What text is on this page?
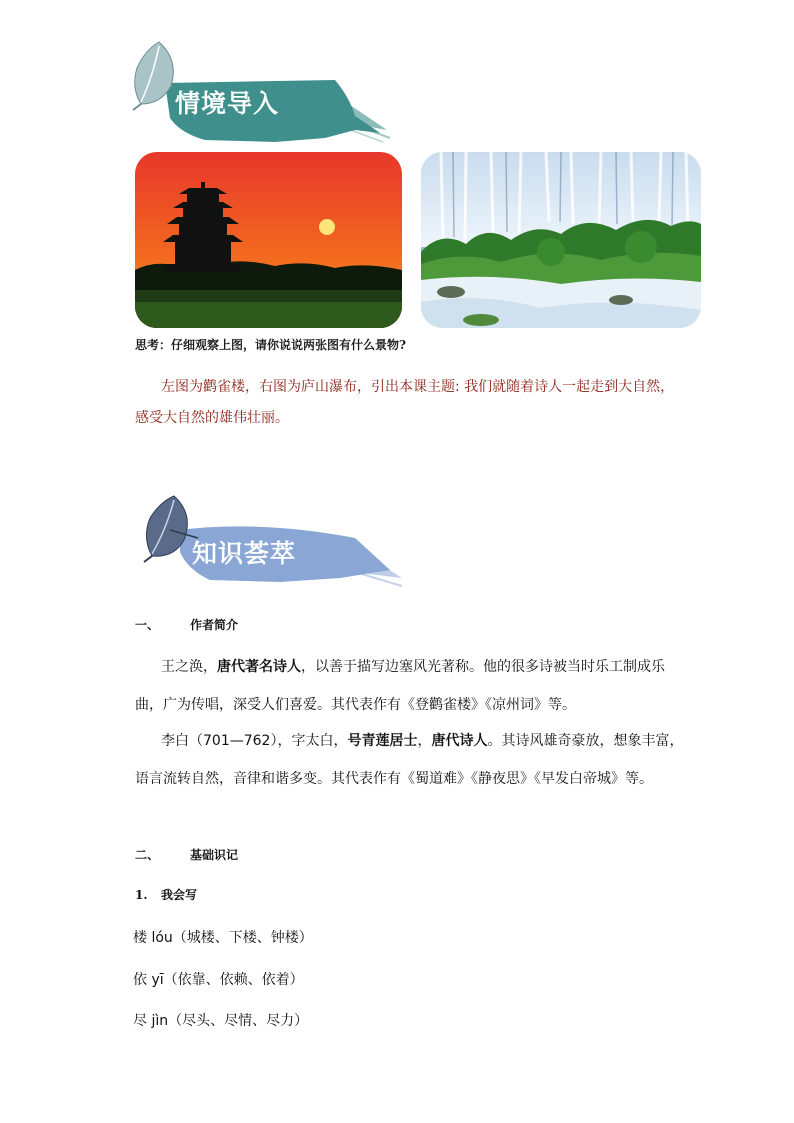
情境导入
思考：仔细观察上图，请你说说两张图有什么景物?
左图为鹳雀楼，右图为庐山瀑布，引出本课主题: 我们就随着诗人一起走到大自然，
感受大自然的雄伟壮丽。
知识荟萃
一、	作者简介
王之涣，唐代著名诗人，以善于描写边塞风光著称。他的很多诗被当时乐工制成乐
曲，广为传唱，深受人们喜爱。其代表作有《登鹳雀楼》《凉州词》等。
李白（701—762），字太白，号青莲居士，唐代诗人。其诗风雄奇豪放，想象丰富，
语言流转自然，音律和谐多变。其代表作有《蜀道难》《静夜思》《早发白帝城》等。
二、	基础识记
1. 我会写
楼 lóu（城楼、下楼、钟楼）
依 yī（依靠、依赖、依着）
尽 jìn（尽头、尽情、尽力）
